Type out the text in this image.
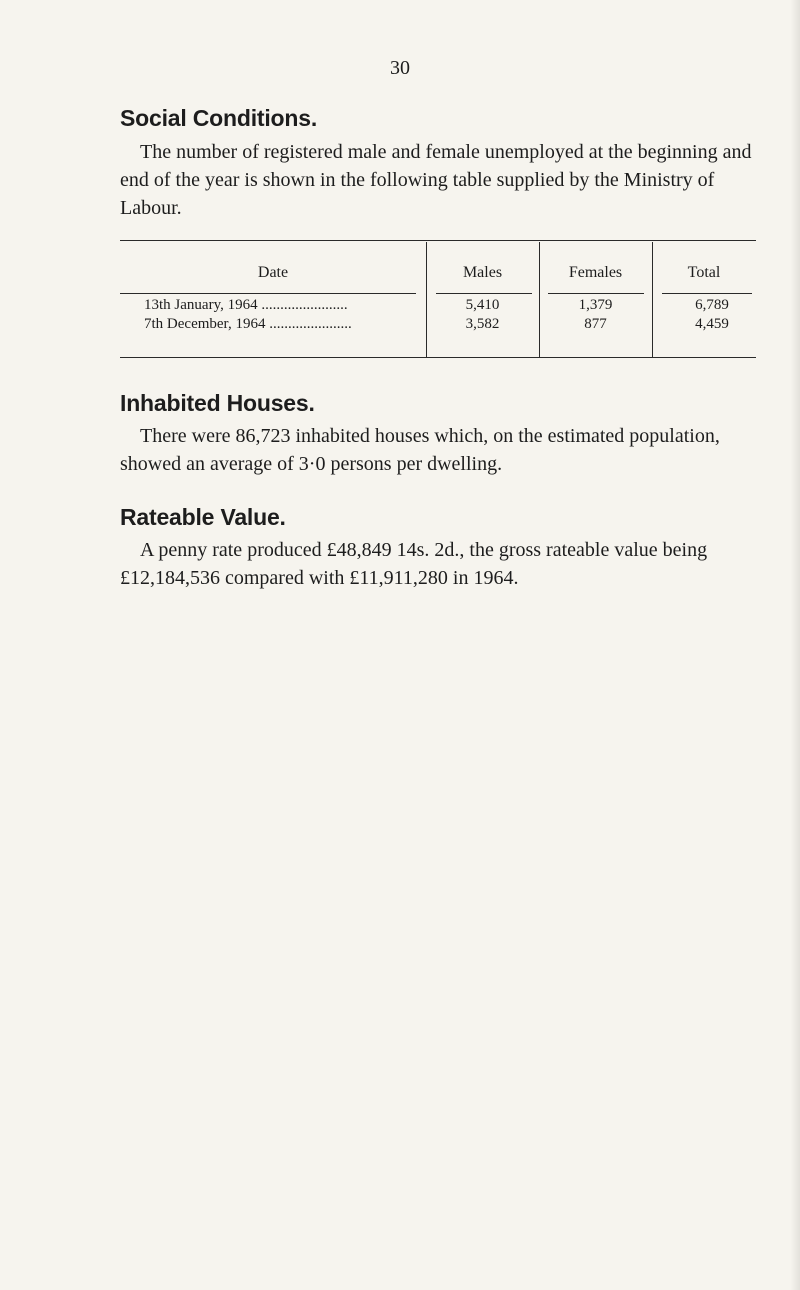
30
Social Conditions.

The number of registered male and female unemployed at the beginning and end of the year is shown in the following table supplied by the Ministry of Labour.

Date	Males	Females	Total
13th January, 1964 .......................	5,410	1,379	6,789
7th December, 1964 ......................	3,582	877	4,459
Inhabited Houses.

There were 86,723 inhabited houses which, on the estimated population, showed an average of 3·0 persons per dwelling.

Rateable Value.

A penny rate produced £48,849 14s. 2d., the gross rateable value being £12,184,536 compared with £11,911,280 in 1964.
